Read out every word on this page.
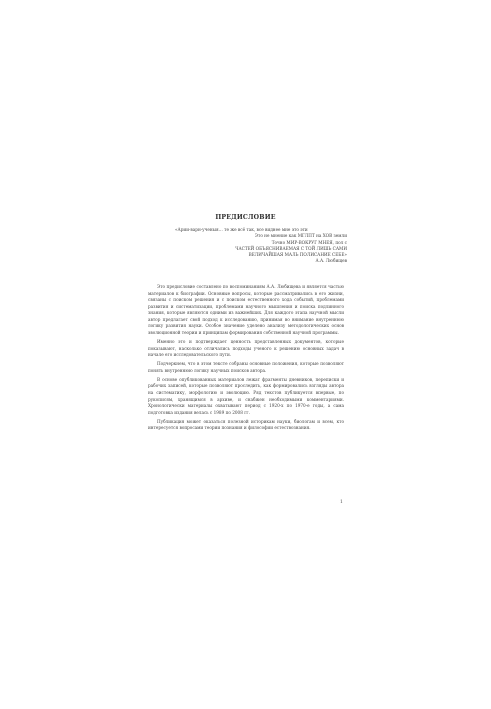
ПРЕДИСЛОВИЕ
«Арии-варн-ученыя… те же всё так, все виднее мне это эти
Это не мнение как МГЛПТ на ХОВ земли
Точно МИР-ВОКРУГ МНЕЯ, пол с
ЧАСТЕЙ ОБЪЯСНИВАЕМАЯ С ТОЙ ЛИШЬ САМИ
ВЕЛИЧАЙШАЯ МАЛЬ ПОЛИСАНИЕ СЕБЕ»
А.А. Любищев

Это предисловие составлено по воспоминаниям А.А. Любищева и является частью материалов к биографии. Основные вопросы, которые рассматривались в его жизни, связаны с поиском решения и с поиском естественного хода событий, проблемами развития и систематизации, проблемами научного мышления и поиска подлинного знания, которые являются одними из важнейших. Для каждого этапа научной мысли автор предлагает свой подход к исследованию, принимая во внимание внутреннюю логику развития науки. Особое значение уделено анализу методологических основ эволюционной теории и принципам формирования собственной научной программы.

Именно это и подтверждает ценность представленных документов, которые показывают, насколько отличались подходы ученого к решению основных задач в начале его исследовательского пути.

Подчеркнем, что в этом тексте собраны основные положения, которые позволяют понять внутреннюю логику научных поисков автора.

В основе опубликованных материалов лежат фрагменты дневников, переписки и рабочих записей, которые позволяют проследить, как формировались взгляды автора на систематику, морфологию и эволюцию. Ряд текстов публикуется впервые, по рукописям, хранящимся в архиве, и снабжен необходимыми комментариями. Хронологически материалы охватывают период с 1920-х по 1970-е годы, а сама подготовка издания велась с 1989 по 2008 гг.

Публикация может оказаться полезной историкам науки, биологам и всем, кто интересуется вопросами теории познания и философии естествознания.

1
